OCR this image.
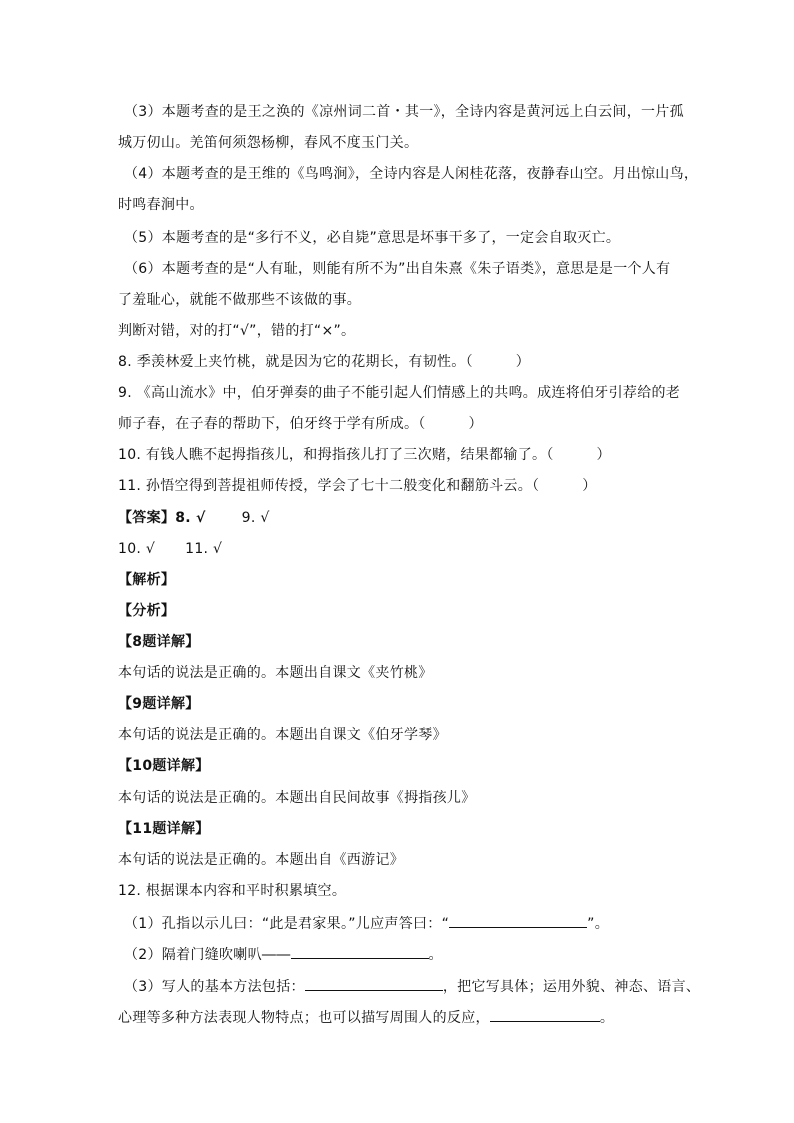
（3）本题考查的是王之涣的《凉州词二首・其一》，全诗内容是黄河远上白云间，一片孤
城万仞山。羌笛何须怨杨柳，春风不度玉门关。
（4）本题考查的是王维的《鸟鸣涧》，全诗内容是人闲桂花落，夜静春山空。月出惊山鸟，
时鸣春涧中。
（5）本题考查的是“多行不义，必自毙”意思是坏事干多了，一定会自取灭亡。
（6）本题考查的是“人有耻，则能有所不为”出自朱熹《朱子语类》，意思是是一个人有
了羞耻心，就能不做那些不该做的事。
判断对错，对的打“√”，错的打“×”。
8. 季羡林爱上夹竹桃，就是因为它的花期长，有韧性。（　　　）
9. 《高山流水》中，伯牙弹奏的曲子不能引起人们情感上的共鸣。成连将伯牙引荐给的老
师子春，在子春的帮助下，伯牙终于学有所成。（　　　）
10. 有钱人瞧不起拇指孩儿，和拇指孩儿打了三次赌，结果都输了。（　　　）
11. 孙悟空得到菩提祖师传授，学会了七十二般变化和翻筋斗云。（　　　）
【答案】8. √	9. √
10. √ 11. √
【解析】
【分析】
【8题详解】
本句话的说法是正确的。本题出自课文《夹竹桃》
【9题详解】
本句话的说法是正确的。本题出自课文《伯牙学琴》
【10题详解】
本句话的说法是正确的。本题出自民间故事《拇指孩儿》
【11题详解】
本句话的说法是正确的。本题出自《西游记》
12. 根据课本内容和平时积累填空。
（1）孔指以示儿曰：“此是君家果。”儿应声答曰：“	”。
（2）隔着门缝吹喇叭――	。
（3）写人的基本方法包括：	，把它写具体；运用外貌、神态、语言、
心理等多种方法表现人物特点；也可以描写周围人的反应，	。
